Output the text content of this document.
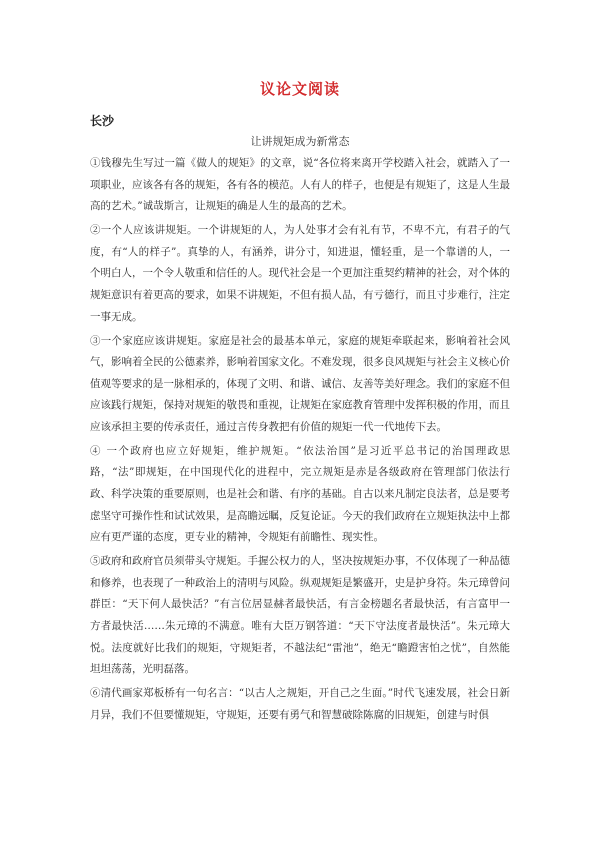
议论文阅读
长沙
让讲规矩成为新常态

①钱穆先生写过一篇《做人的规矩》的文章，说“各位将来离开学校踏入社会，就踏入了一项职业，应该各有各的规矩，各有各的模范。人有人的样子，也便是有规矩了，这是人生最高的艺术。”诚哉斯言，让规矩的确是人生的最高的艺术。

②一个人应该讲规矩。一个讲规矩的人，为人处事才会有礼有节，不卑不亢，有君子的气度，有“人的样子”。真挚的人，有涵养，讲分寸，知进退，懂轻重，是一个靠谱的人，一个明白人，一个令人敬重和信任的人。现代社会是一个更加注重契约精神的社会，对个体的规矩意识有着更高的要求，如果不讲规矩，不但有损人品，有亏德行，而且寸步难行，注定一事无成。

③一个家庭应该讲规矩。家庭是社会的最基本单元，家庭的规矩牵联起来，影响着社会风气，影响着全民的公德素养，影响着国家文化。不难发现，很多良风规矩与社会主义核心价值观等要求的是一脉相承的，体现了文明、和谐、诚信、友善等美好理念。我们的家庭不但应该践行规矩，保持对规矩的敬畏和重视，让规矩在家庭教育管理中发挥积极的作用，而且应该承担主要的传承责任，通过言传身教把有价值的规矩一代一代地传下去。

④ 一个政府也应立好规矩，维护规矩。“依法治国”是习近平总书记的治国理政思路，“法”即规矩，在中国现代化的进程中，完立规矩是赤是各级政府在管理部门依法行政、科学决策的重要原则，也是社会和谐、有序的基础。自古以来凡制定良法者，总是要考虑坚守可操作性和试试效果，是高瞻远瞩，反复论证。今天的我们政府在立规矩执法中上都应有更严谨的态度，更专业的精神，令规矩有前瞻性、现实性。

⑤政府和政府官员须带头守规矩。手握公权力的人，坚决按规矩办事，不仅体现了一种品德和修养，也表现了一种政治上的清明与风险。纵观规矩是繁盛开，史是护身符。朱元璋曾问群臣：“天下何人最快活？”有言位居显赫者最快活，有言金榜题名者最快活，有言富甲一方者最快活……朱元璋的不满意。唯有大臣万钢答道：“天下守法度者最快活”。朱元璋大悦。法度就好比我们的规矩，守规矩者，不越法纪“雷池”，绝无“瞻蹬害怕之忧”，自然能坦坦荡荡，光明磊落。

⑥清代画家郑板桥有一句名言：“以古人之规矩，开自己之生面。”时代飞速发展，社会日新月异，我们不但要懂规矩，守规矩，还要有勇气和智慧破除陈腐的旧规矩，创建与时俱
